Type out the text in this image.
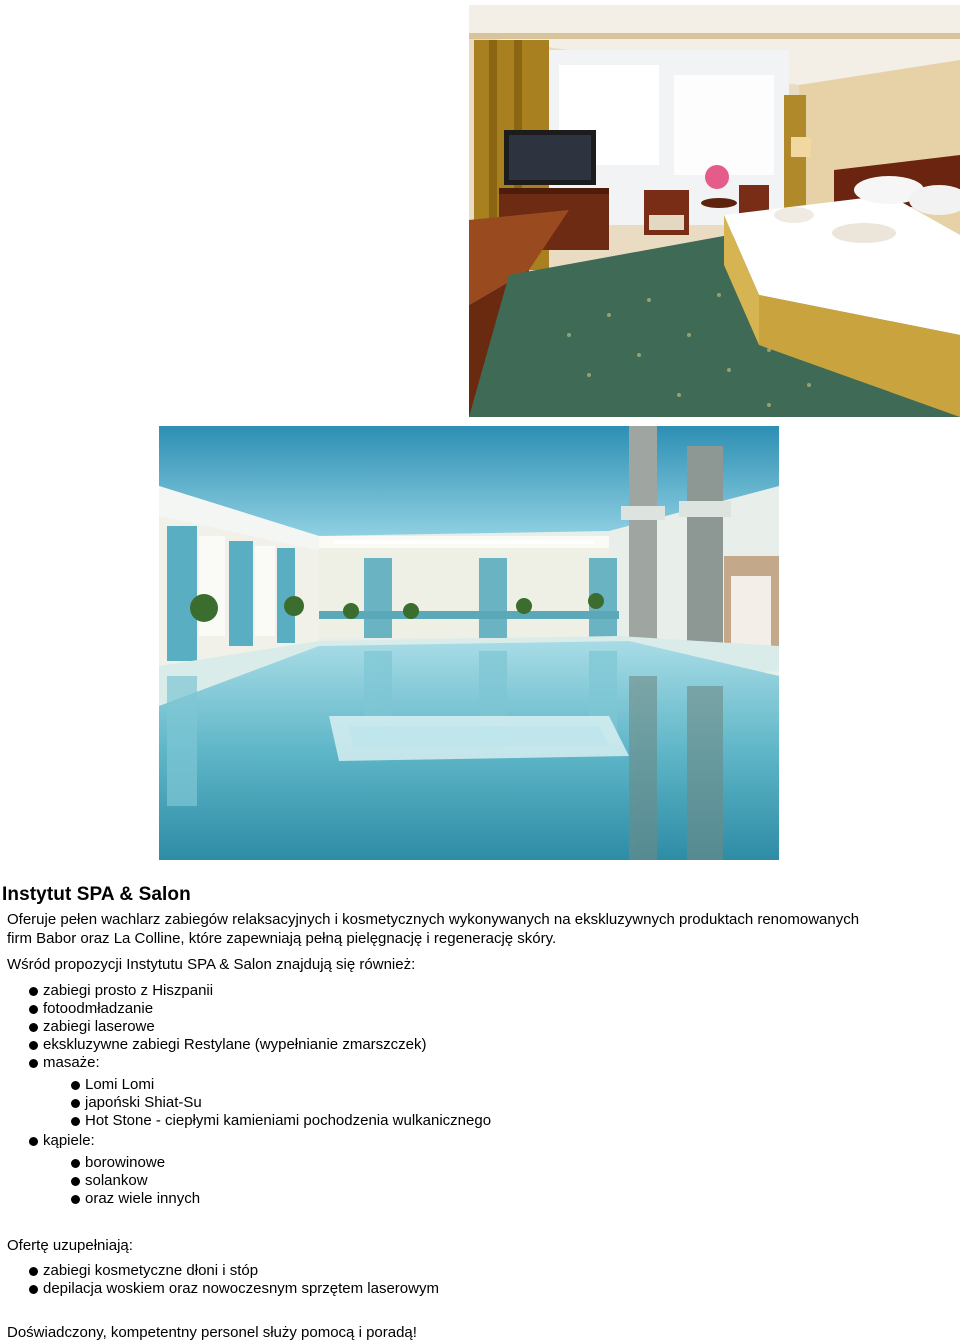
Instytut SPA & Salon
Oferuje pełen wachlarz zabiegów relaksacyjnych i kosmetycznych wykonywanych na ekskluzywnych produktach renomowanych firm Babor oraz La Colline, które zapewniają pełną pielęgnację i regenerację skóry.
Wśród propozycji Instytutu SPA & Salon znajdują się również:
zabiegi prosto z Hiszpanii
fotoodmładzanie
zabiegi laserowe
ekskluzywne zabiegi Restylane (wypełnianie zmarszczek)
masaże:
Lomi Lomi
japoński Shiat-Su
Hot Stone - ciepłymi kamieniami pochodzenia wulkanicznego
kąpiele:
borowinowe
solankow
oraz wiele innych
Ofertę uzupełniają:
zabiegi kosmetyczne dłoni i stóp
depilacja woskiem oraz nowoczesnym sprzętem laserowym
Doświadczony, kompetentny personel służy pomocą i poradą!
